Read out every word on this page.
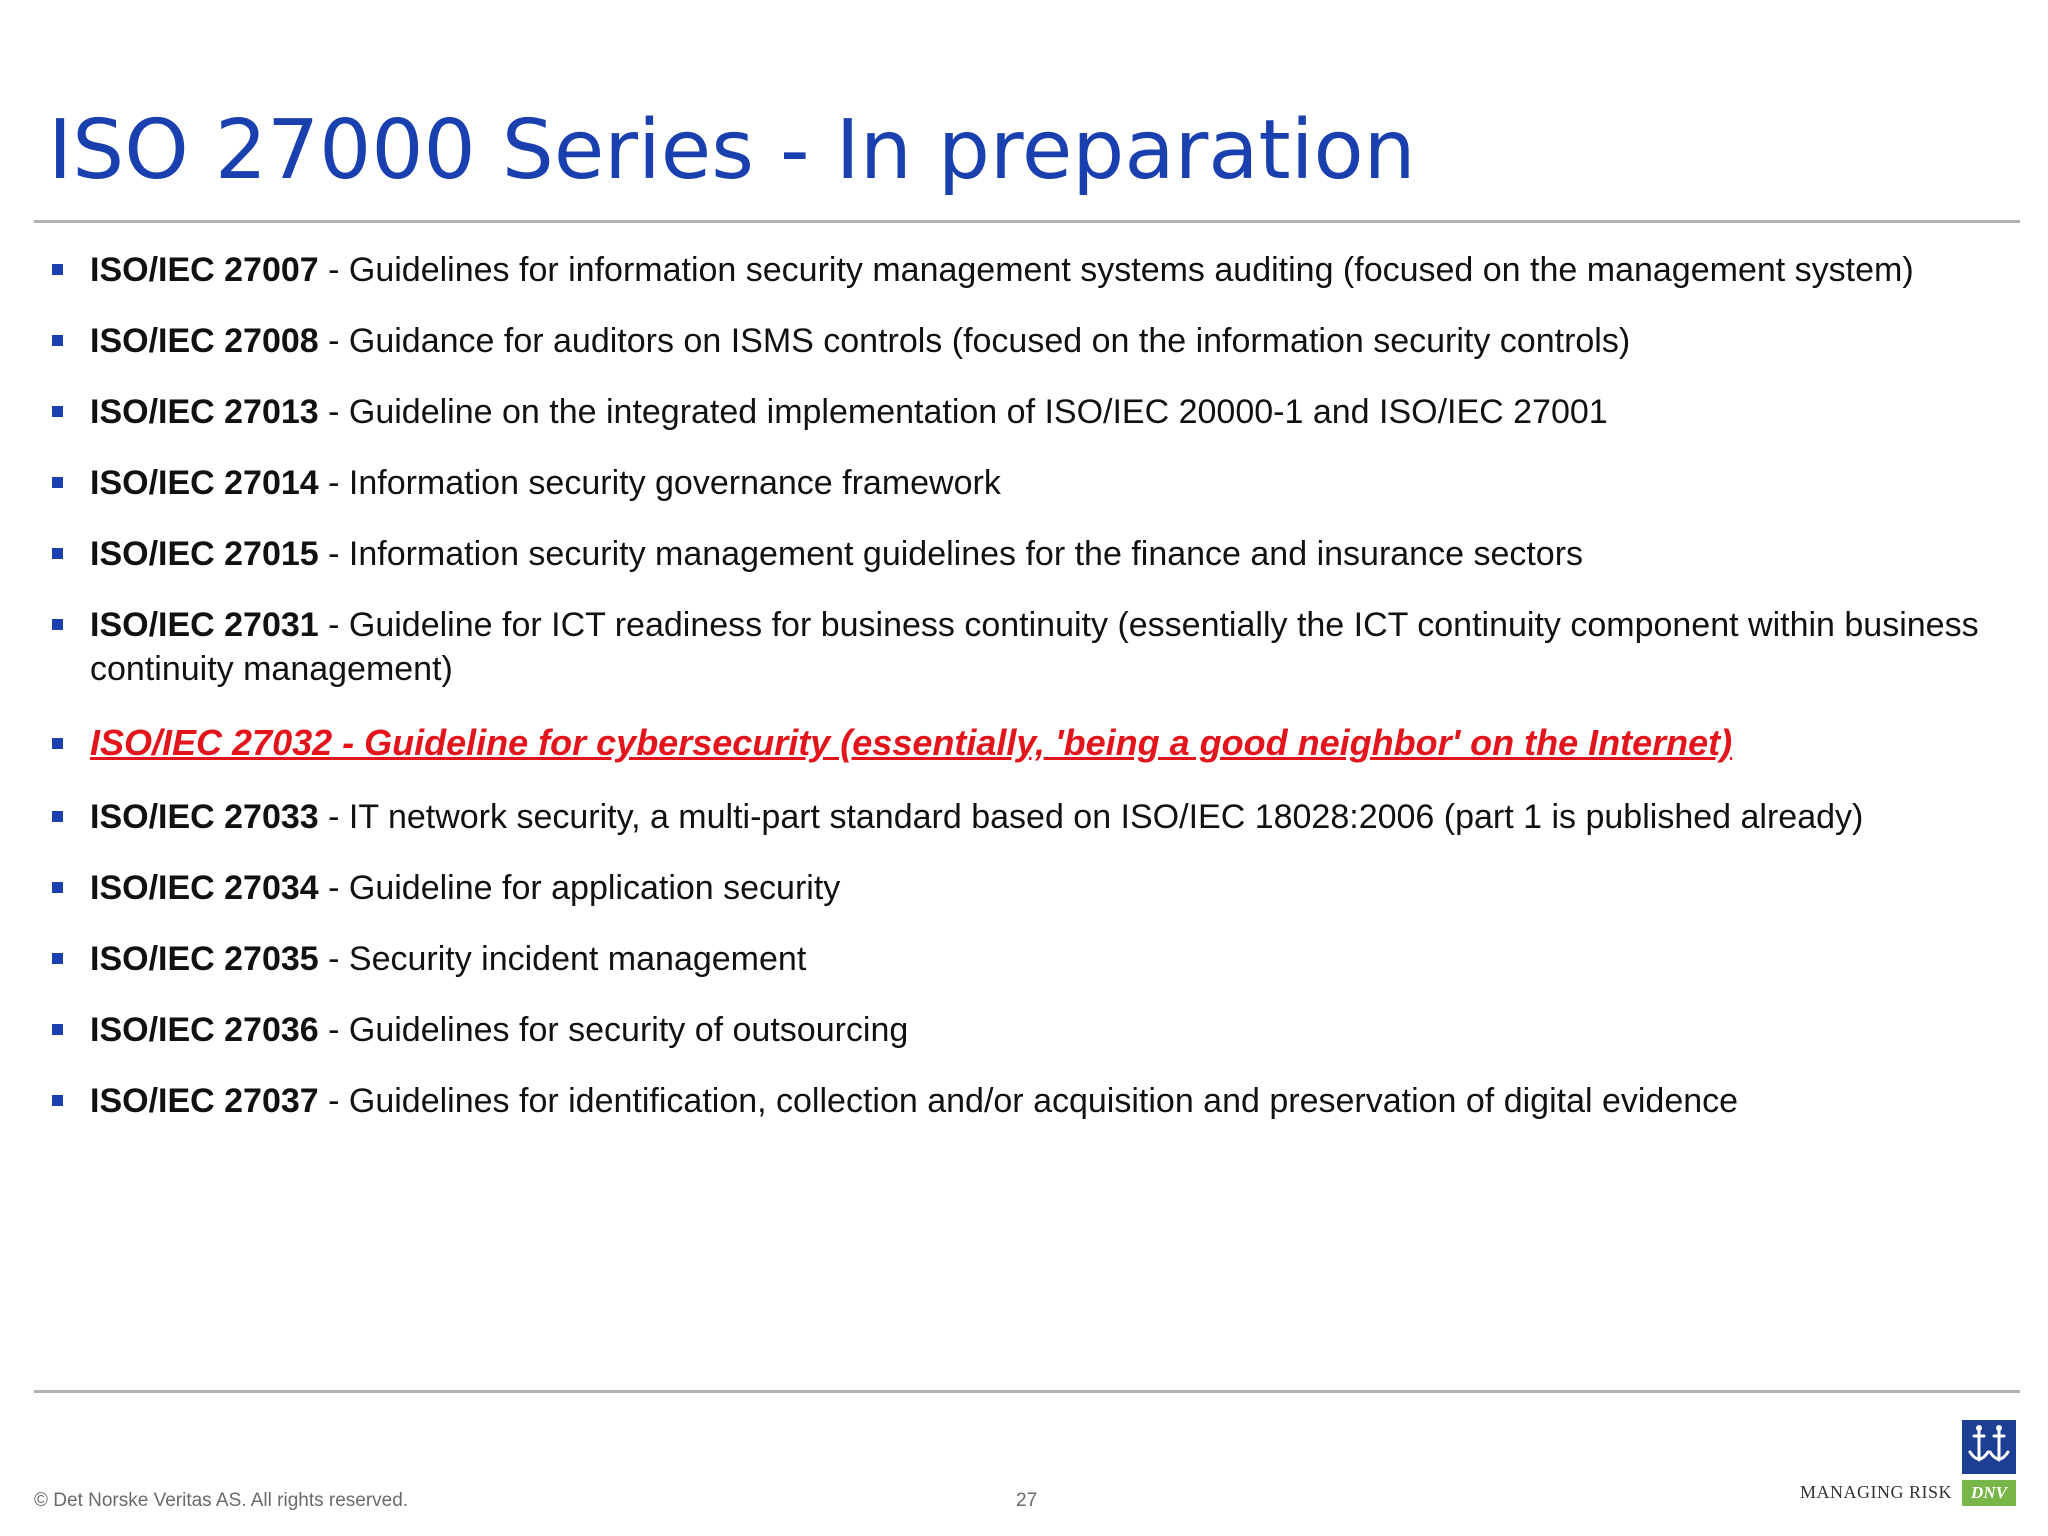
ISO 27000 Series - In preparation
ISO/IEC 27007 - Guidelines for information security management systems auditing (focused on the management system)
ISO/IEC 27008 - Guidance for auditors on ISMS controls (focused on the information security controls)
ISO/IEC 27013 - Guideline on the integrated implementation of ISO/IEC 20000-1 and ISO/IEC 27001
ISO/IEC 27014 - Information security governance framework
ISO/IEC 27015 - Information security management guidelines for the finance and insurance sectors
ISO/IEC 27031 - Guideline for ICT readiness for business continuity (essentially the ICT continuity component within business continuity management)
ISO/IEC 27032 - Guideline for cybersecurity (essentially, 'being a good neighbor' on the Internet)
ISO/IEC 27033 - IT network security, a multi-part standard based on ISO/IEC 18028:2006 (part 1 is published already)
ISO/IEC 27034 - Guideline for application security
ISO/IEC 27035 - Security incident management
ISO/IEC 27036 - Guidelines for security of outsourcing
ISO/IEC 27037 - Guidelines for identification, collection and/or acquisition and preservation of digital evidence
© Det Norske Veritas AS. All rights reserved.	27	MANAGING RISK	DNV
